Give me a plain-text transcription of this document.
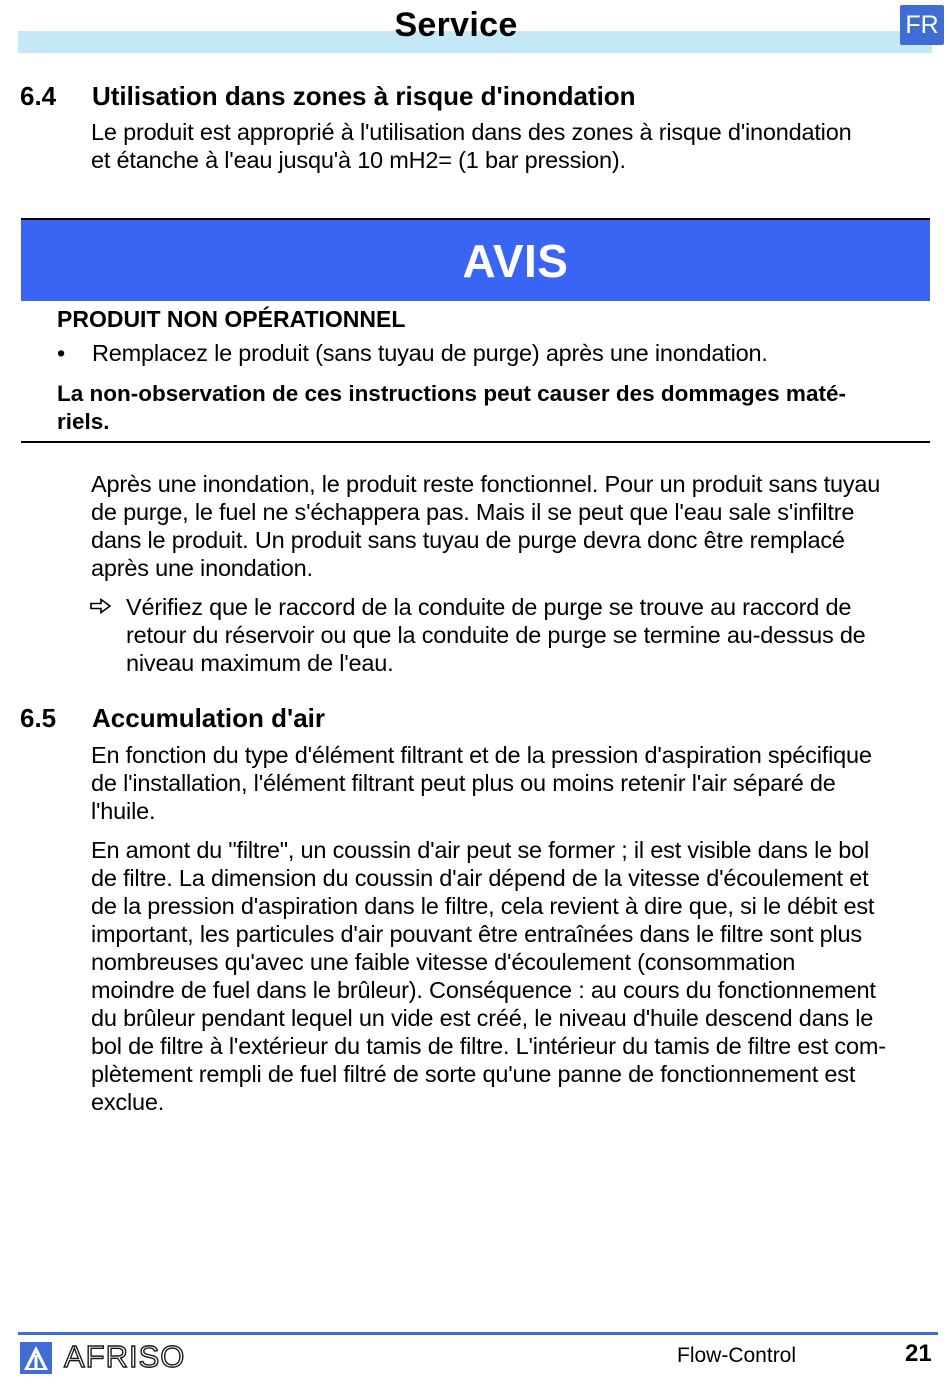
Service	FR
6.4 Utilisation dans zones à risque d'inondation
Le produit est approprié à l'utilisation dans des zones à risque d'inondation
et étanche à l'eau jusqu'à 10 mH2= (1 bar pression).
AVIS
PRODUIT NON OPÉRATIONNEL
• Remplacez le produit (sans tuyau de purge) après une inondation.
La non-observation de ces instructions peut causer des dommages maté-
riels.
Après une inondation, le produit reste fonctionnel. Pour un produit sans tuyau
de purge, le fuel ne s'échappera pas. Mais il se peut que l'eau sale s'infiltre
dans le produit. Un produit sans tuyau de purge devra donc être remplacé
après une inondation.
Vérifiez que le raccord de la conduite de purge se trouve au raccord de
retour du réservoir ou que la conduite de purge se termine au-dessus de
niveau maximum de l'eau.
6.5 Accumulation d'air
En fonction du type d'élément filtrant et de la pression d'aspiration spécifique
de l'installation, l'élément filtrant peut plus ou moins retenir l'air séparé de
l'huile.
En amont du "filtre", un coussin d'air peut se former ; il est visible dans le bol
de filtre. La dimension du coussin d'air dépend de la vitesse d'écoulement et
de la pression d'aspiration dans le filtre, cela revient à dire que, si le débit est
important, les particules d'air pouvant être entraînées dans le filtre sont plus
nombreuses qu'avec une faible vitesse d'écoulement (consommation
moindre de fuel dans le brûleur). Conséquence : au cours du fonctionnement
du brûleur pendant lequel un vide est créé, le niveau d'huile descend dans le
bol de filtre à l'extérieur du tamis de filtre. L'intérieur du tamis de filtre est com-
plètement rempli de fuel filtré de sorte qu'une panne de fonctionnement est
exclue.
AFRISO	Flow-Control	21
